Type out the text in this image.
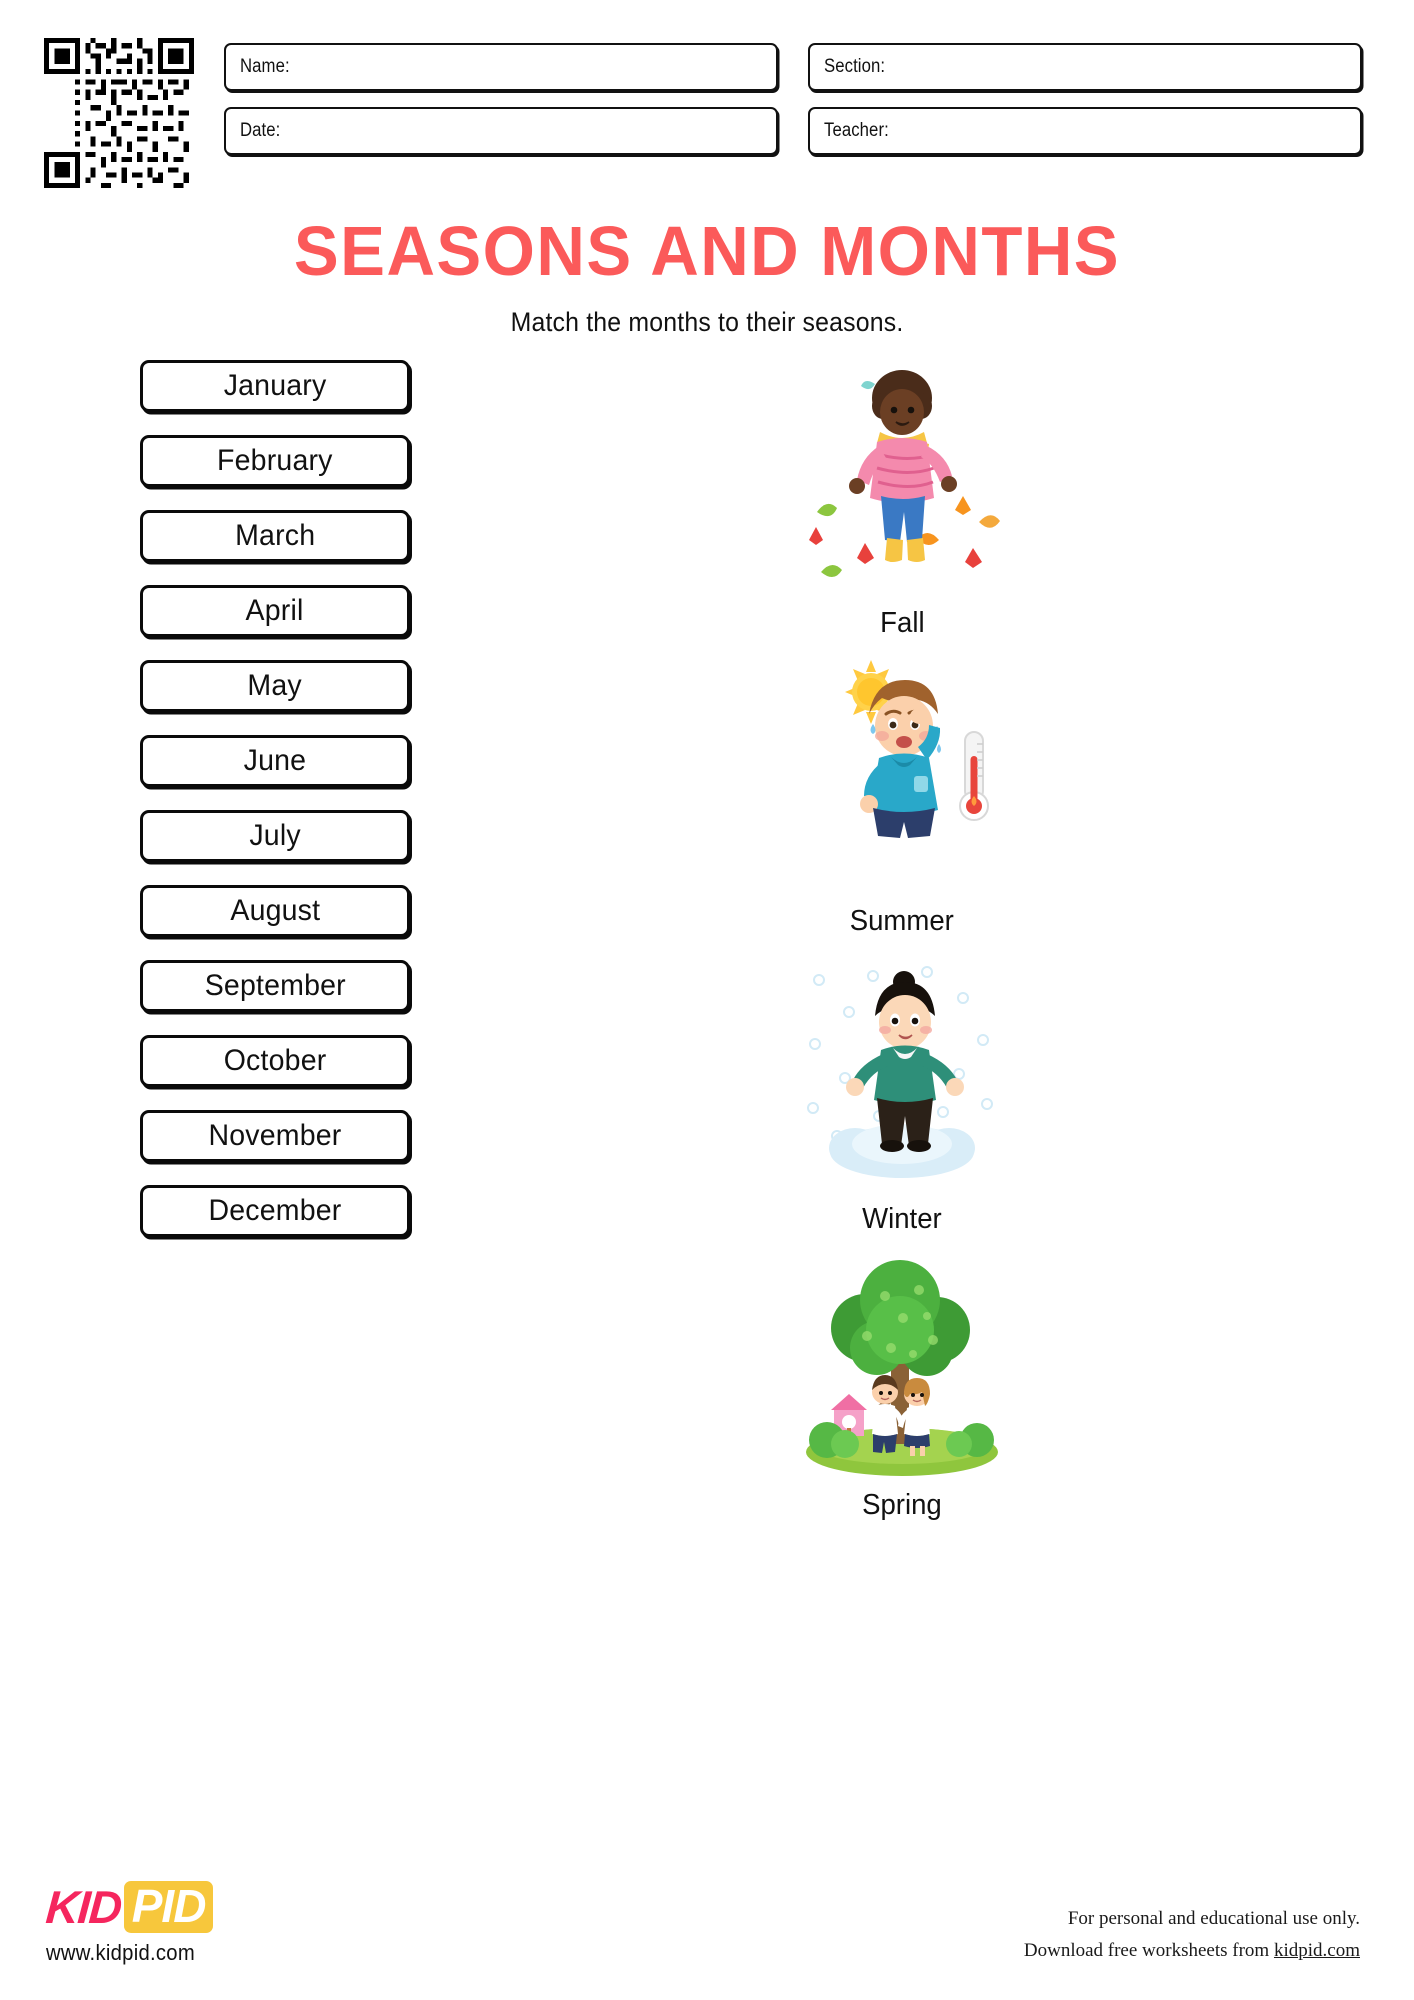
Name:	Section:
Date:	Teacher:
SEASONS AND MONTHS
Match the months to their seasons.
January
February
March
April
May
June
July
August
September
October
November
December
Fall
Summer
Winter
Spring
KID PID
www.kidpid.com
For personal and educational use only.
Download free worksheets from kidpid.com
